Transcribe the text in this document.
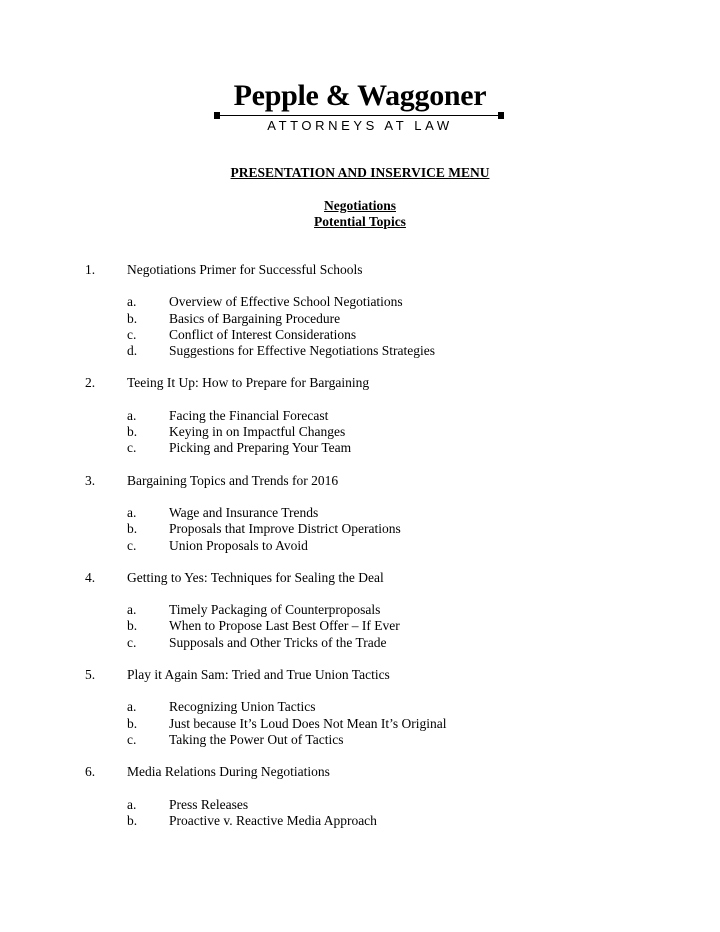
Pepple & Waggoner
ATTORNEYS AT LAW
PRESENTATION AND INSERVICE MENU
Negotiations
Potential Topics
1. Negotiations Primer for Successful Schools
a. Overview of Effective School Negotiations
b. Basics of Bargaining Procedure
c. Conflict of Interest Considerations
d. Suggestions for Effective Negotiations Strategies
2. Teeing It Up: How to Prepare for Bargaining
a. Facing the Financial Forecast
b. Keying in on Impactful Changes
c. Picking and Preparing Your Team
3. Bargaining Topics and Trends for 2016
a. Wage and Insurance Trends
b. Proposals that Improve District Operations
c. Union Proposals to Avoid
4. Getting to Yes: Techniques for Sealing the Deal
a. Timely Packaging of Counterproposals
b. When to Propose Last Best Offer – If Ever
c. Supposals and Other Tricks of the Trade
5. Play it Again Sam: Tried and True Union Tactics
a. Recognizing Union Tactics
b. Just because It’s Loud Does Not Mean It’s Original
c. Taking the Power Out of Tactics
6. Media Relations During Negotiations
a. Press Releases
b. Proactive v. Reactive Media Approach
